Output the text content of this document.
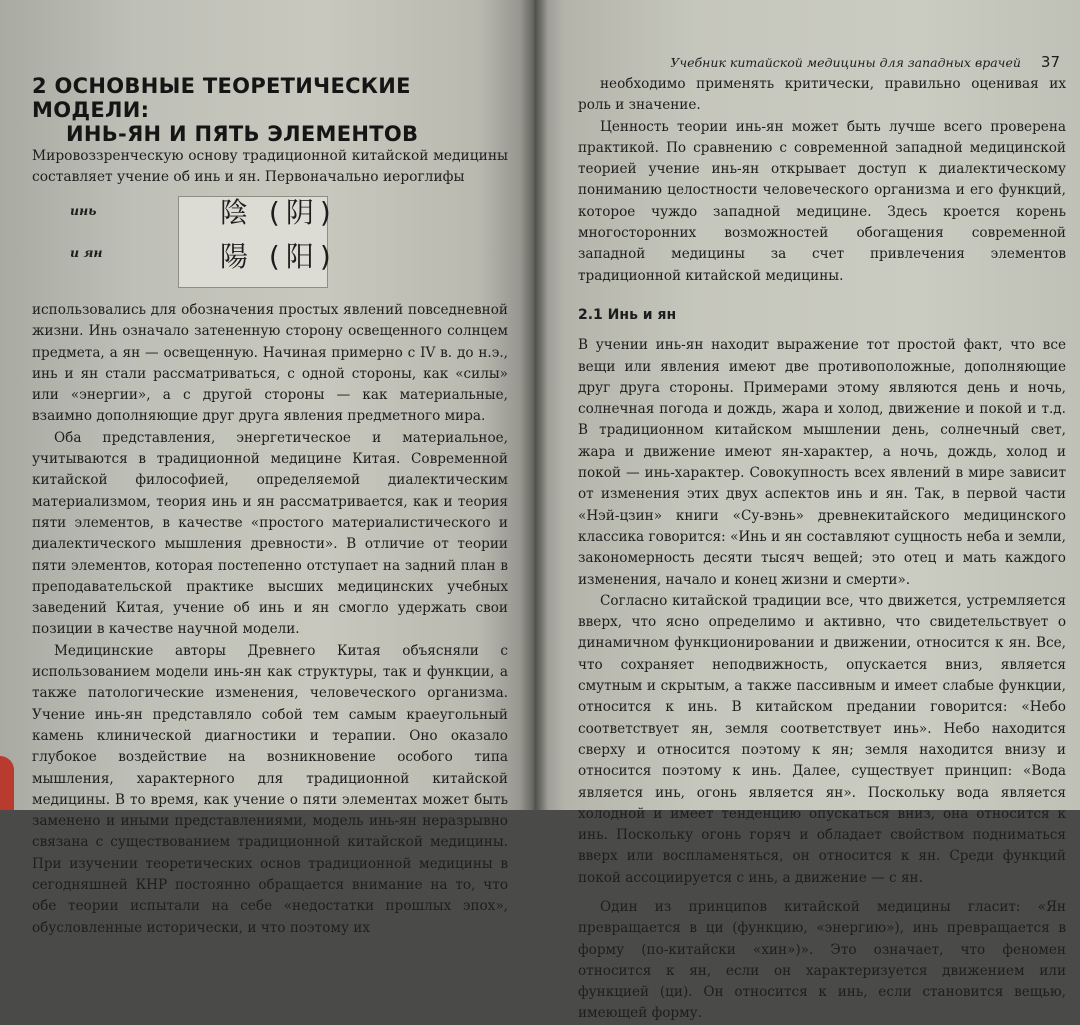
2 ОСНОВНЫЕ ТЕОРЕТИЧЕСКИЕ МОДЕЛИ:
ИНЬ-ЯН И ПЯТЬ ЭЛЕМЕНТОВ

Мировоззренческую основу традиционной китайской медицины составляет учение об инь и ян. Первоначально иероглифы

инь
и ян
陰 (阴)
陽 (阳)

использовались для обозначения простых явлений повседневной жизни. Инь означало затененную сторону освещенного солнцем предмета, а ян — освещенную. Начиная примерно с IV в. до н.э., инь и ян стали рассматриваться, с одной стороны, как «силы» или «энергии», а с другой стороны — как материальные, взаимно дополняющие друг друга явления предметного мира.

Оба представления, энергетическое и материальное, учитываются в традиционной медицине Китая. Современной китайской философией, определяемой диалектическим материализмом, теория инь и ян рассматривается, как и теория пяти элементов, в качестве «простого материалистического и диалектического мышления древности». В отличие от теории пяти элементов, которая постепенно отступает на задний план в преподавательской практике высших медицинских учебных заведений Китая, учение об инь и ян смогло удержать свои позиции в качестве научной модели.

Медицинские авторы Древнего Китая объясняли с использованием модели инь-ян как структуры, так и функции, а также патологические изменения, человеческого организма. Учение инь-ян представляло собой тем самым краеугольный камень клинической диагностики и терапии. Оно оказало глубокое воздействие на возникновение особого типа мышления, характерного для традиционной китайской медицины. В то время, как учение о пяти элементах может быть заменено и иными представлениями, модель инь-ян неразрывно связана с существованием традиционной китайской медицины. При изучении теоретических основ традиционной медицины в сегодняшней КНР постоянно обращается внимание на то, что обе теории испытали на себе «недостатки прошлых эпох», обусловленные исторически, и что поэтому их

Учебник китайской медицины для западных врачей 37

необходимо применять критически, правильно оценивая их роль и значение.

Ценность теории инь-ян может быть лучше всего проверена практикой. По сравнению с современной западной медицинской теорией учение инь-ян открывает доступ к диалектическому пониманию целостности человеческого организма и его функций, которое чуждо западной медицине. Здесь кроется корень многосторонних возможностей обогащения современной западной медицины за счет привлечения элементов традиционной китайской медицины.

2.1 Инь и ян

В учении инь-ян находит выражение тот простой факт, что все вещи или явления имеют две противоположные, дополняющие друг друга стороны. Примерами этому являются день и ночь, солнечная погода и дождь, жара и холод, движение и покой и т.д. В традиционном китайском мышлении день, солнечный свет, жара и движение имеют ян-характер, а ночь, дождь, холод и покой — инь-характер. Совокупность всех явлений в мире зависит от изменения этих двух аспектов инь и ян. Так, в первой части «Нэй-цзин» книги «Су-вэнь» древнекитайского медицинского классика говорится: «Инь и ян составляют сущность неба и земли, закономерность десяти тысяч вещей; это отец и мать каждого изменения, начало и конец жизни и смерти».

Согласно китайской традиции все, что движется, устремляется вверх, что ясно определимо и активно, что свидетельствует о динамичном функционировании и движении, относится к ян. Все, что сохраняет неподвижность, опускается вниз, является смутным и скрытым, а также пассивным и имеет слабые функции, относится к инь. В китайском предании говорится: «Небо соответствует ян, земля соответствует инь». Небо находится сверху и относится поэтому к ян; земля находится внизу и относится поэтому к инь. Далее, существует принцип: «Вода является инь, огонь является ян». Поскольку вода является холодной и имеет тенденцию опускаться вниз, она относится к инь. Поскольку огонь горяч и обладает свойством подниматься вверх или воспламеняться, он относится к ян. Среди функций покой ассоциируется с инь, а движение — с ян.

Один из принципов китайской медицины гласит: «Ян превращается в ци (функцию, «энергию»), инь превращается в форму (по-китайски «хин»)». Это означает, что феномен относится к ян, если он характеризуется движением или функцией (ци). Он относится к инь, если становится вещью, имеющей форму.
